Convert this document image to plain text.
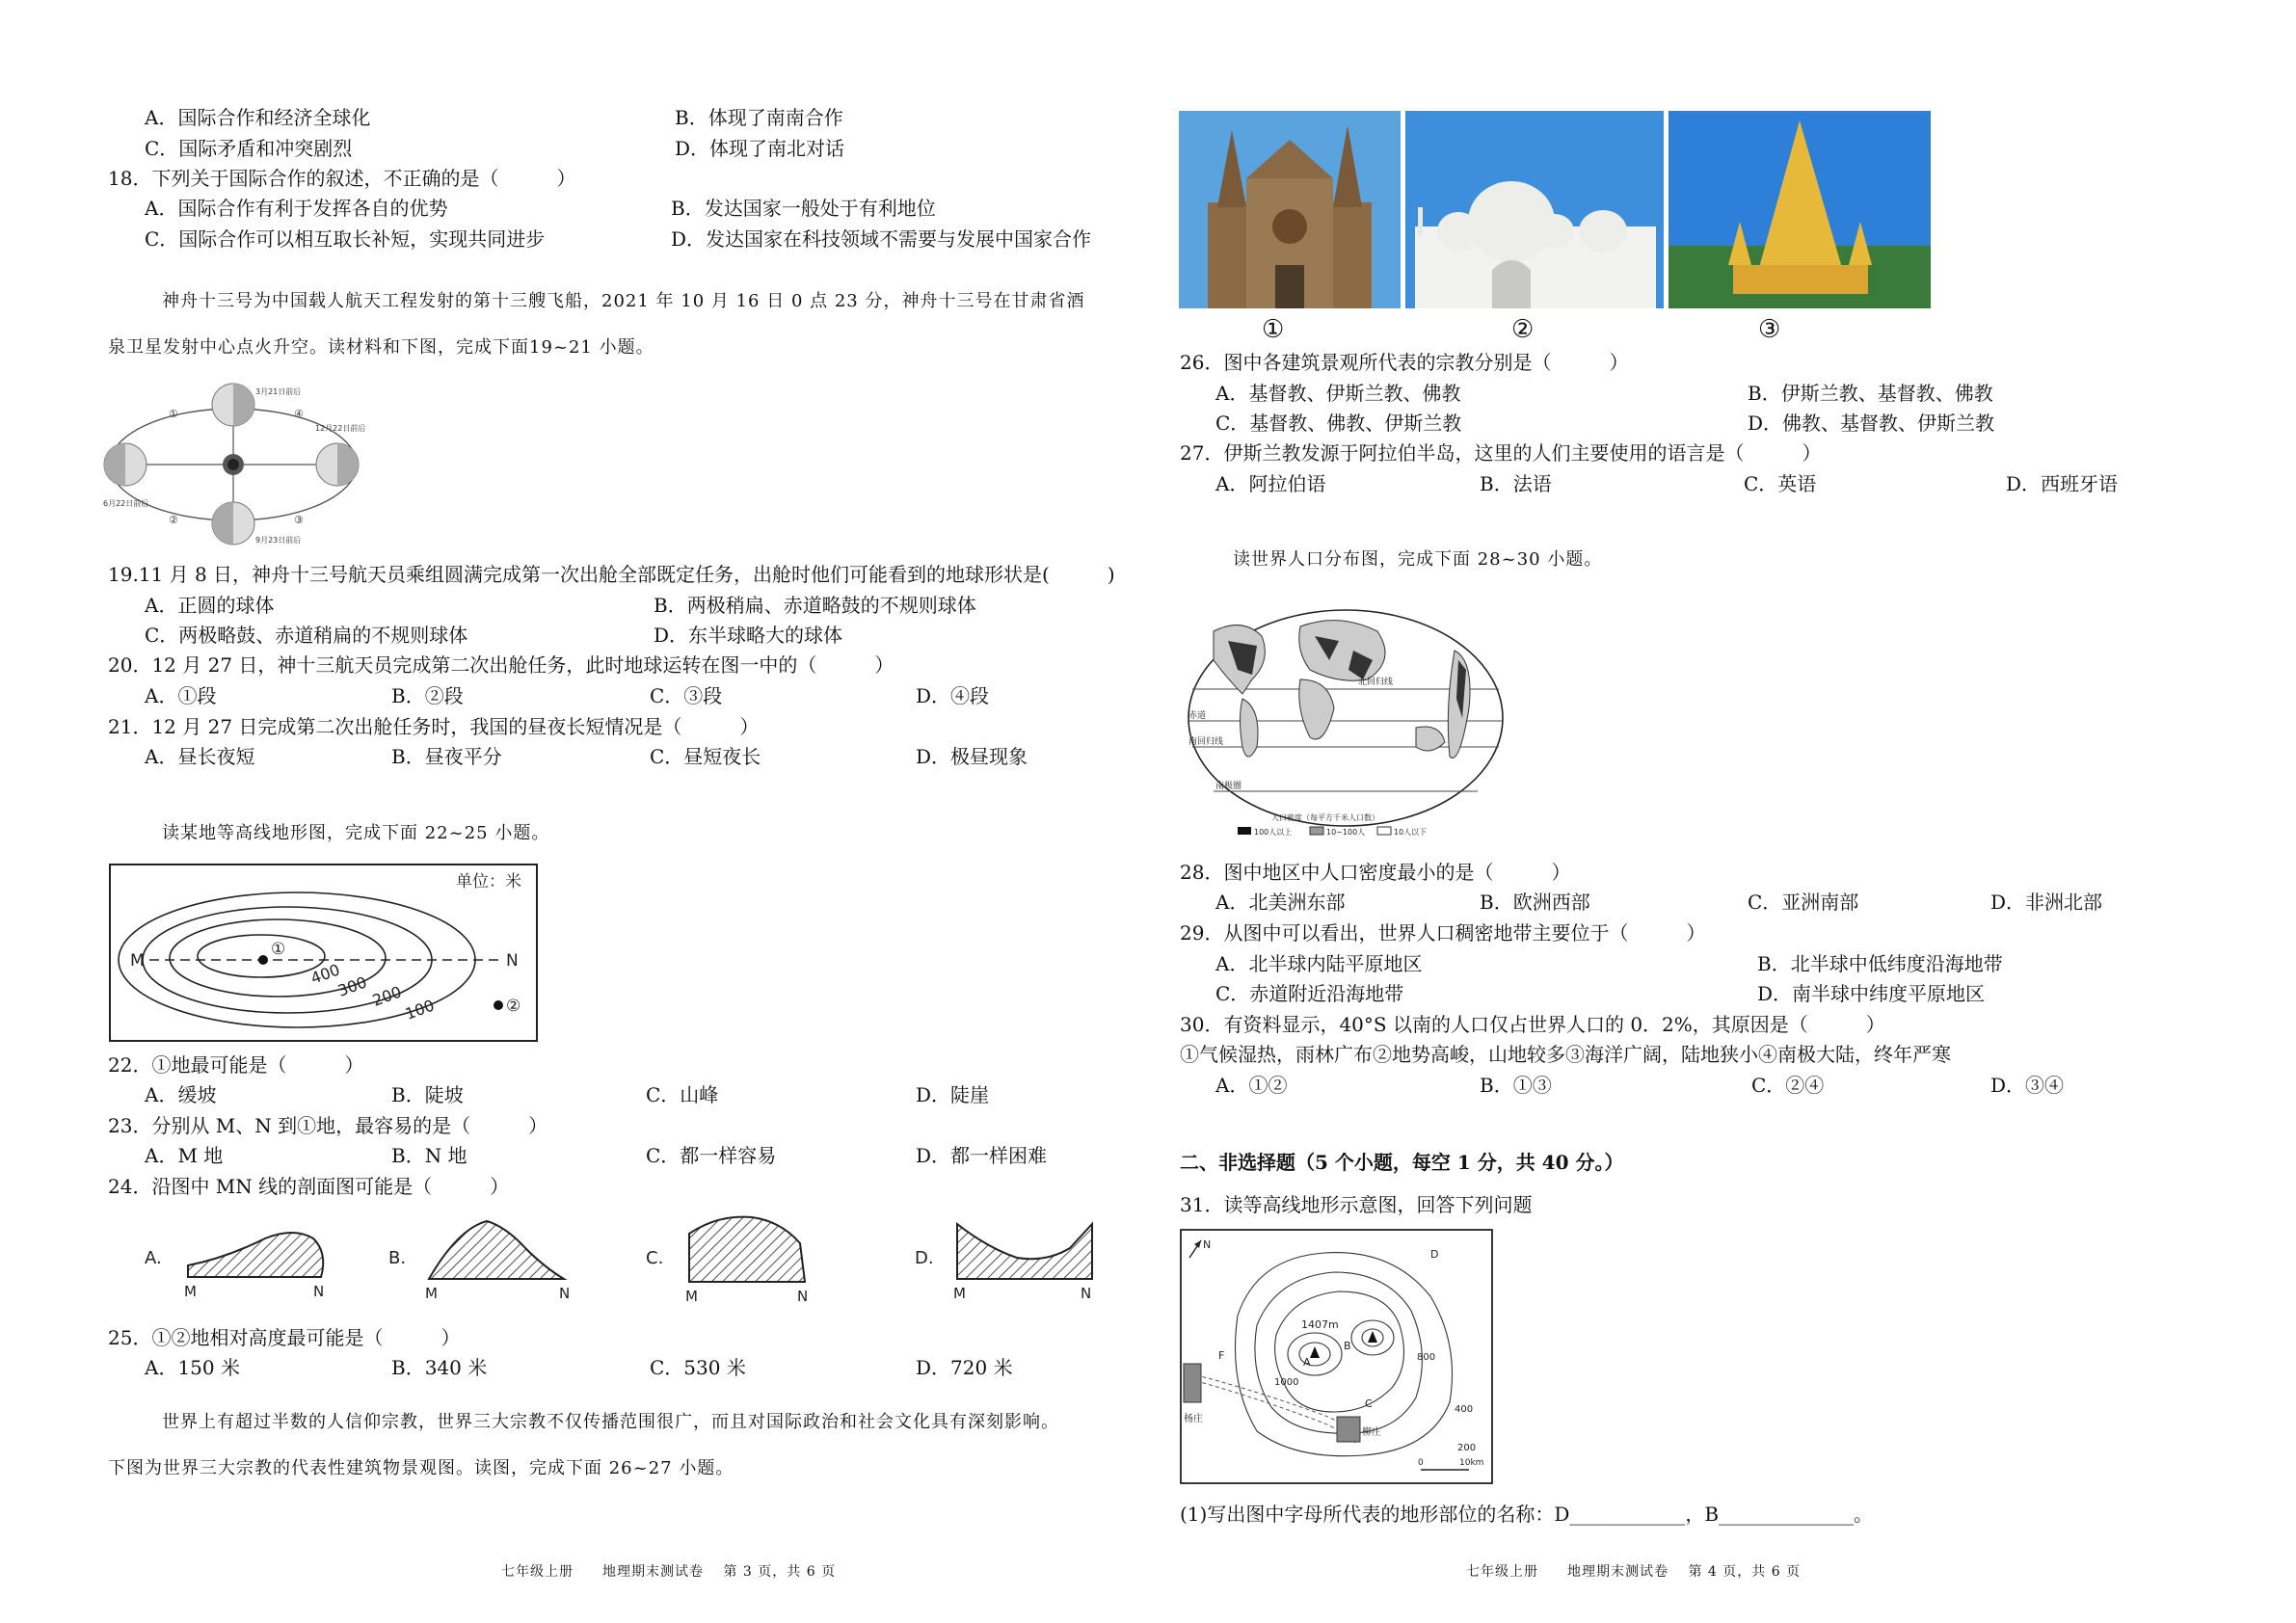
A．国际合作和经济全球化	B．体现了南南合作
C．国际矛盾和冲突剧烈	D．体现了南北对话
18．下列关于国际合作的叙述，不正确的是（　　　）
A．国际合作有利于发挥各自的优势	B．发达国家一般处于有利地位
C．国际合作可以相互取长补短，实现共同进步	D．发达国家在科技领域不需要与发展中国家合作
神舟十三号为中国载人航天工程发射的第十三艘飞船，2021 年 10 月 16 日 0 点 23 分，神舟十三号在甘肃省酒
泉卫星发射中心点火升空。读材料和下图，完成下面19~21 小题。
①
②	③
④
3月21日前后
12月22日前后
9月23日前后
6月22日前后
19.11 月 8 日，神舟十三号航天员乘组圆满完成第一次出舱全部既定任务，出舱时他们可能看到的地球形状是(　　　)
A．正圆的球体	B．两极稍扁、赤道略鼓的不规则球体
C．两极略鼓、赤道稍扁的不规则球体	D．东半球略大的球体
20．12 月 27 日，神十三航天员完成第二次出舱任务，此时地球运转在图一中的（　　　）
A．①段	B．②段	C．③段	D．④段
21．12 月 27 日完成第二次出舱任务时，我国的昼夜长短情况是（　　　）
A．昼长夜短	B．昼夜平分	C．昼短夜长	D．极昼现象
读某地等高线地形图，完成下面 22~25 小题。
单位：米
M	N
①
②
400
300 200
100
22．①地最可能是（　　　）
A．缓坡	B．陡坡	C．山峰	D．陡崖
23．分别从 M、N 到①地，最容易的是（　　　）
A．M 地	B．N 地	C．都一样容易	D．都一样困难
24．沿图中 MN 线的剖面图可能是（　　　）
A.
M	N
B.
M	N
C.
M	N
D.
M	N
25．①②地相对高度最可能是（　　　）
A．150 米	B．340 米	C．530 米	D．720 米
世界上有超过半数的人信仰宗教，世界三大宗教不仅传播范围很广，而且对国际政治和社会文化具有深刻影响。
下图为世界三大宗教的代表性建筑物景观图。读图，完成下面 26~27 小题。
七年级上册　　地理期末测试卷　 第 3 页，共 6 页
①	②	③
26．图中各建筑景观所代表的宗教分别是（　　　）
A．基督教、伊斯兰教、佛教	B．伊斯兰教、基督教、佛教
C．基督教、佛教、伊斯兰教	D．佛教、基督教、伊斯兰教
27．伊斯兰教发源于阿拉伯半岛，这里的人们主要使用的语言是（　　　）
A．阿拉伯语	B．法语	C．英语	D．西班牙语
读世界人口分布图，完成下面 28~30 小题。
北回归线
赤道
南回归线
南极圈
人口密度（每平方千米人口数）
100人以上	10~100人	10人以下
28．图中地区中人口密度最小的是（　　　）
A．北美洲东部	B．欧洲西部	C．亚洲南部	D．非洲北部
29．从图中可以看出，世界人口稠密地带主要位于（　　　）
A．北半球内陆平原地区	B．北半球中低纬度沿海地带
C．赤道附近沿海地带	D．南半球中纬度平原地区
30．有资料显示，40°S 以南的人口仅占世界人口的 0．2%，其原因是（　　　）
①气候湿热，雨林广布②地势高峻，山地较多③海洋广阔，陆地狭小④南极大陆，终年严寒
A．①②	B．①③	C．②④	D．③④
二、非选择题（5 个小题，每空 1 分，共 40 分。）
31．读等高线地形示意图，回答下列问题
N
1407m
A
B
D
C
F
1000
800
400
200
杨庄
柳庄
0	10km
(1)写出图中字母所代表的地形部位的名称：D____________，B______________。
七年级上册　　地理期末测试卷　 第 4 页，共 6 页
